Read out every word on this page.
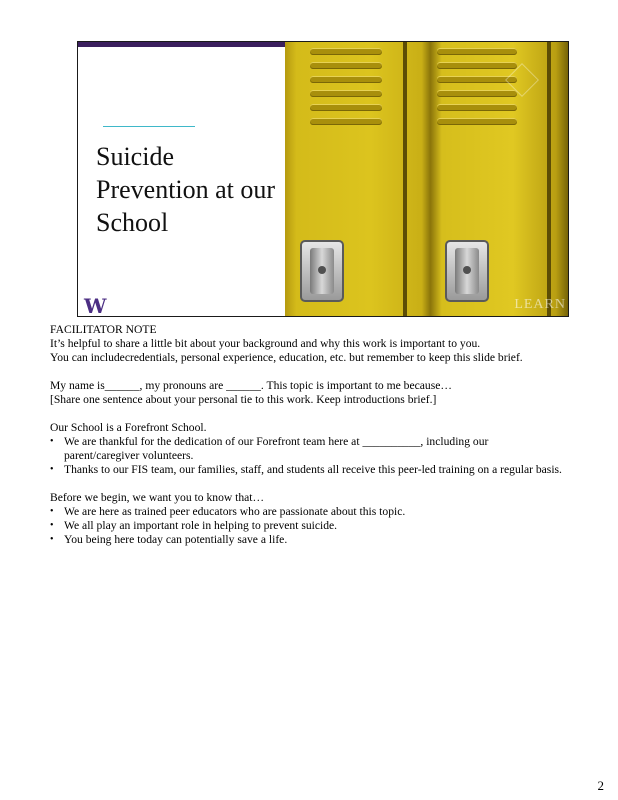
Suicide Prevention at our School
W	LEARN

FACILITATOR NOTE

It’s helpful to share a little bit about your background and why this work is important to you.

You can includecredentials, personal experience, education, etc. but remember to keep this slide brief.

My name is______, my pronouns are ______. This topic is important to me because…

[Share one sentence about your personal tie to this work. Keep introductions brief.]

Our School is a Forefront School.

• We are thankful for the dedication of our Forefront team here at __________, including our parent/caregiver volunteers.

• Thanks to our FIS team, our families, staff, and students all receive this peer-led training on a regular basis.

Before we begin, we want you to know that…

• We are here as trained peer educators who are passionate about this topic.

• We all play an important role in helping to prevent suicide.

• You being here today can potentially save a life.

2
